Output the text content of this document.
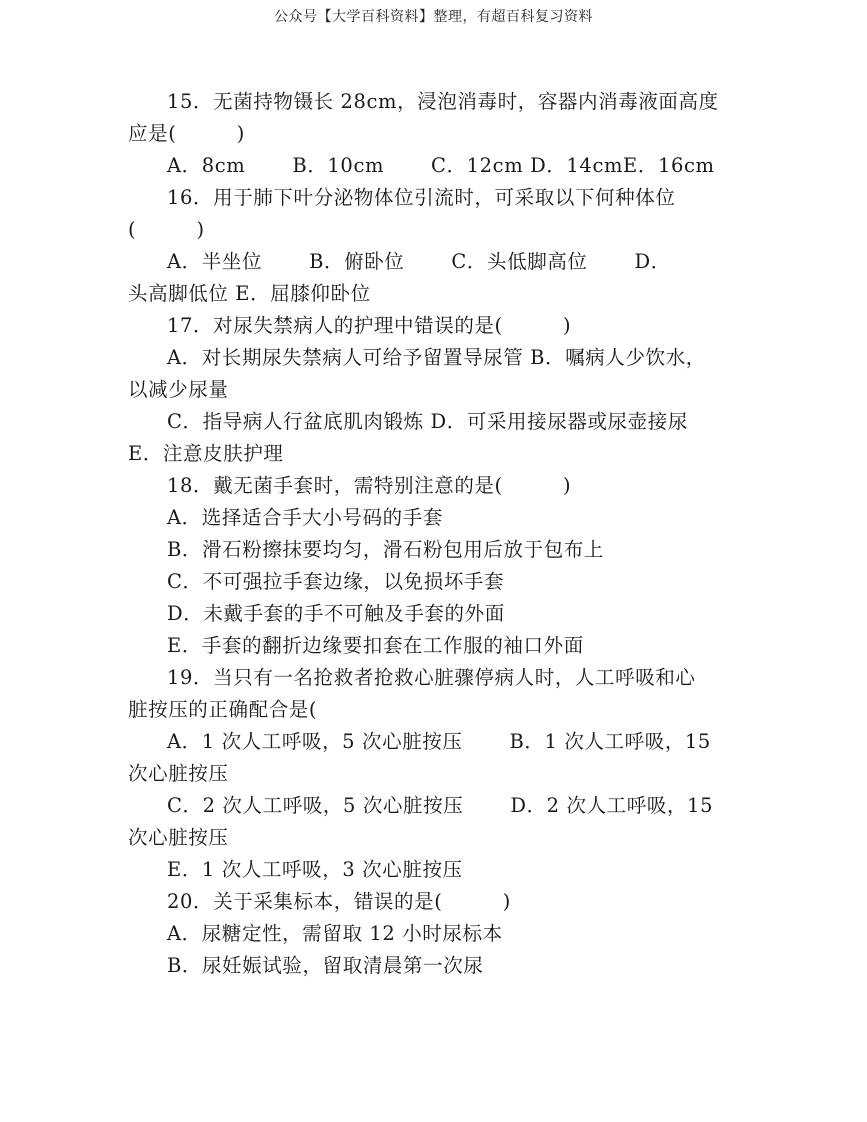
公众号【大学百科资料】整理，有超百科复习资料
15．无菌持物镊长 28cm，浸泡消毒时，容器内消毒液面高度
应是(　　　)
A．8cm　　 B．10cm　　 C．12cm D．14cmE．16cm
16．用于肺下叶分泌物体位引流时，可采取以下何种体位
(　　　)
A．半坐位　　 B．俯卧位　　 C．头低脚高位　　 D．
头高脚低位 E．屈膝仰卧位
17．对尿失禁病人的护理中错误的是(　　　)
A．对长期尿失禁病人可给予留置导尿管 B．嘱病人少饮水，
以减少尿量
C．指导病人行盆底肌肉锻炼 D．可采用接尿器或尿壶接尿
E．注意皮肤护理
18．戴无菌手套时，需特别注意的是(　　　)
A．选择适合手大小号码的手套
B．滑石粉擦抹要均匀，滑石粉包用后放于包布上
C．不可强拉手套边缘，以免损坏手套
D．未戴手套的手不可触及手套的外面
E．手套的翻折边缘要扣套在工作服的袖口外面
19．当只有一名抢救者抢救心脏骤停病人时，人工呼吸和心
脏按压的正确配合是(
A．1 次人工呼吸，5 次心脏按压　　 B．1 次人工呼吸，15
次心脏按压
C．2 次人工呼吸，5 次心脏按压　　 D．2 次人工呼吸，15
次心脏按压
E．1 次人工呼吸，3 次心脏按压
20．关于采集标本，错误的是(　　　)
A．尿糖定性，需留取 12 小时尿标本
B．尿妊娠试验，留取清晨第一次尿
